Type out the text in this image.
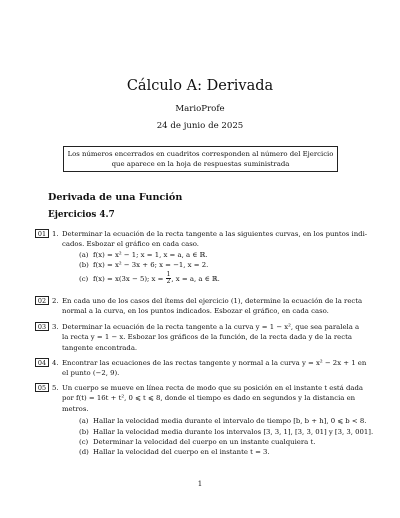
Cálculo A: Derivada
MarioProfe
24 de junio de 2025
Los números encerrados en cuadritos corresponden al número del Ejercicio
que aparece en la hoja de respuestas suministrada
Derivada de una Función
Ejercicios 4.7
01 1. Determinar la ecuación de la recta tangente a las siguientes curvas, en los puntos indi-
cados. Esbozar el gráfico en cada caso.
(a) f(x) = x² − 1; x = 1, x = a, a ∈ ℝ.
(b) f(x) = x² − 3x + 6; x = −1, x = 2.
(c) f(x) = x(3x − 5); $x = \frac{1}{2}$ , x = a, a ∈ ℝ.
02 2. En cada uno de los casos del ítems del ejercicio (1), determine la ecuación de la recta
normal a la curva, en los puntos indicados. Esbozar el gráfico, en cada caso.
03 3. Determinar la ecuación de la recta tangente a la curva y = 1 − x², que sea paralela a
la recta y = 1 − x. Esbozar los gráficos de la función, de la recta dada y de la recta
tangente encontrada.
04 4. Encontrar las ecuaciones de las rectas tangente y normal a la curva y = x² − 2x + 1 en
el punto (−2, 9).
05 5. Un cuerpo se mueve en línea recta de modo que su posición en el instante t está dada
por f(t) = 16t + t², 0 ⩽ t ⩽ 8, donde el tiempo es dado en segundos y la distancia en
metros.
(a) Hallar la velocidad media durante el intervalo de tiempo [b, b + h], 0 ⩽ b < 8.
(b) Hallar la velocidad media durante los intervalos [3, 3, 1], [3, 3, 01] y [3, 3, 001].
(c) Determinar la velocidad del cuerpo en un instante cualquiera t.
(d) Hallar la velocidad del cuerpo en el instante t = 3.
1
